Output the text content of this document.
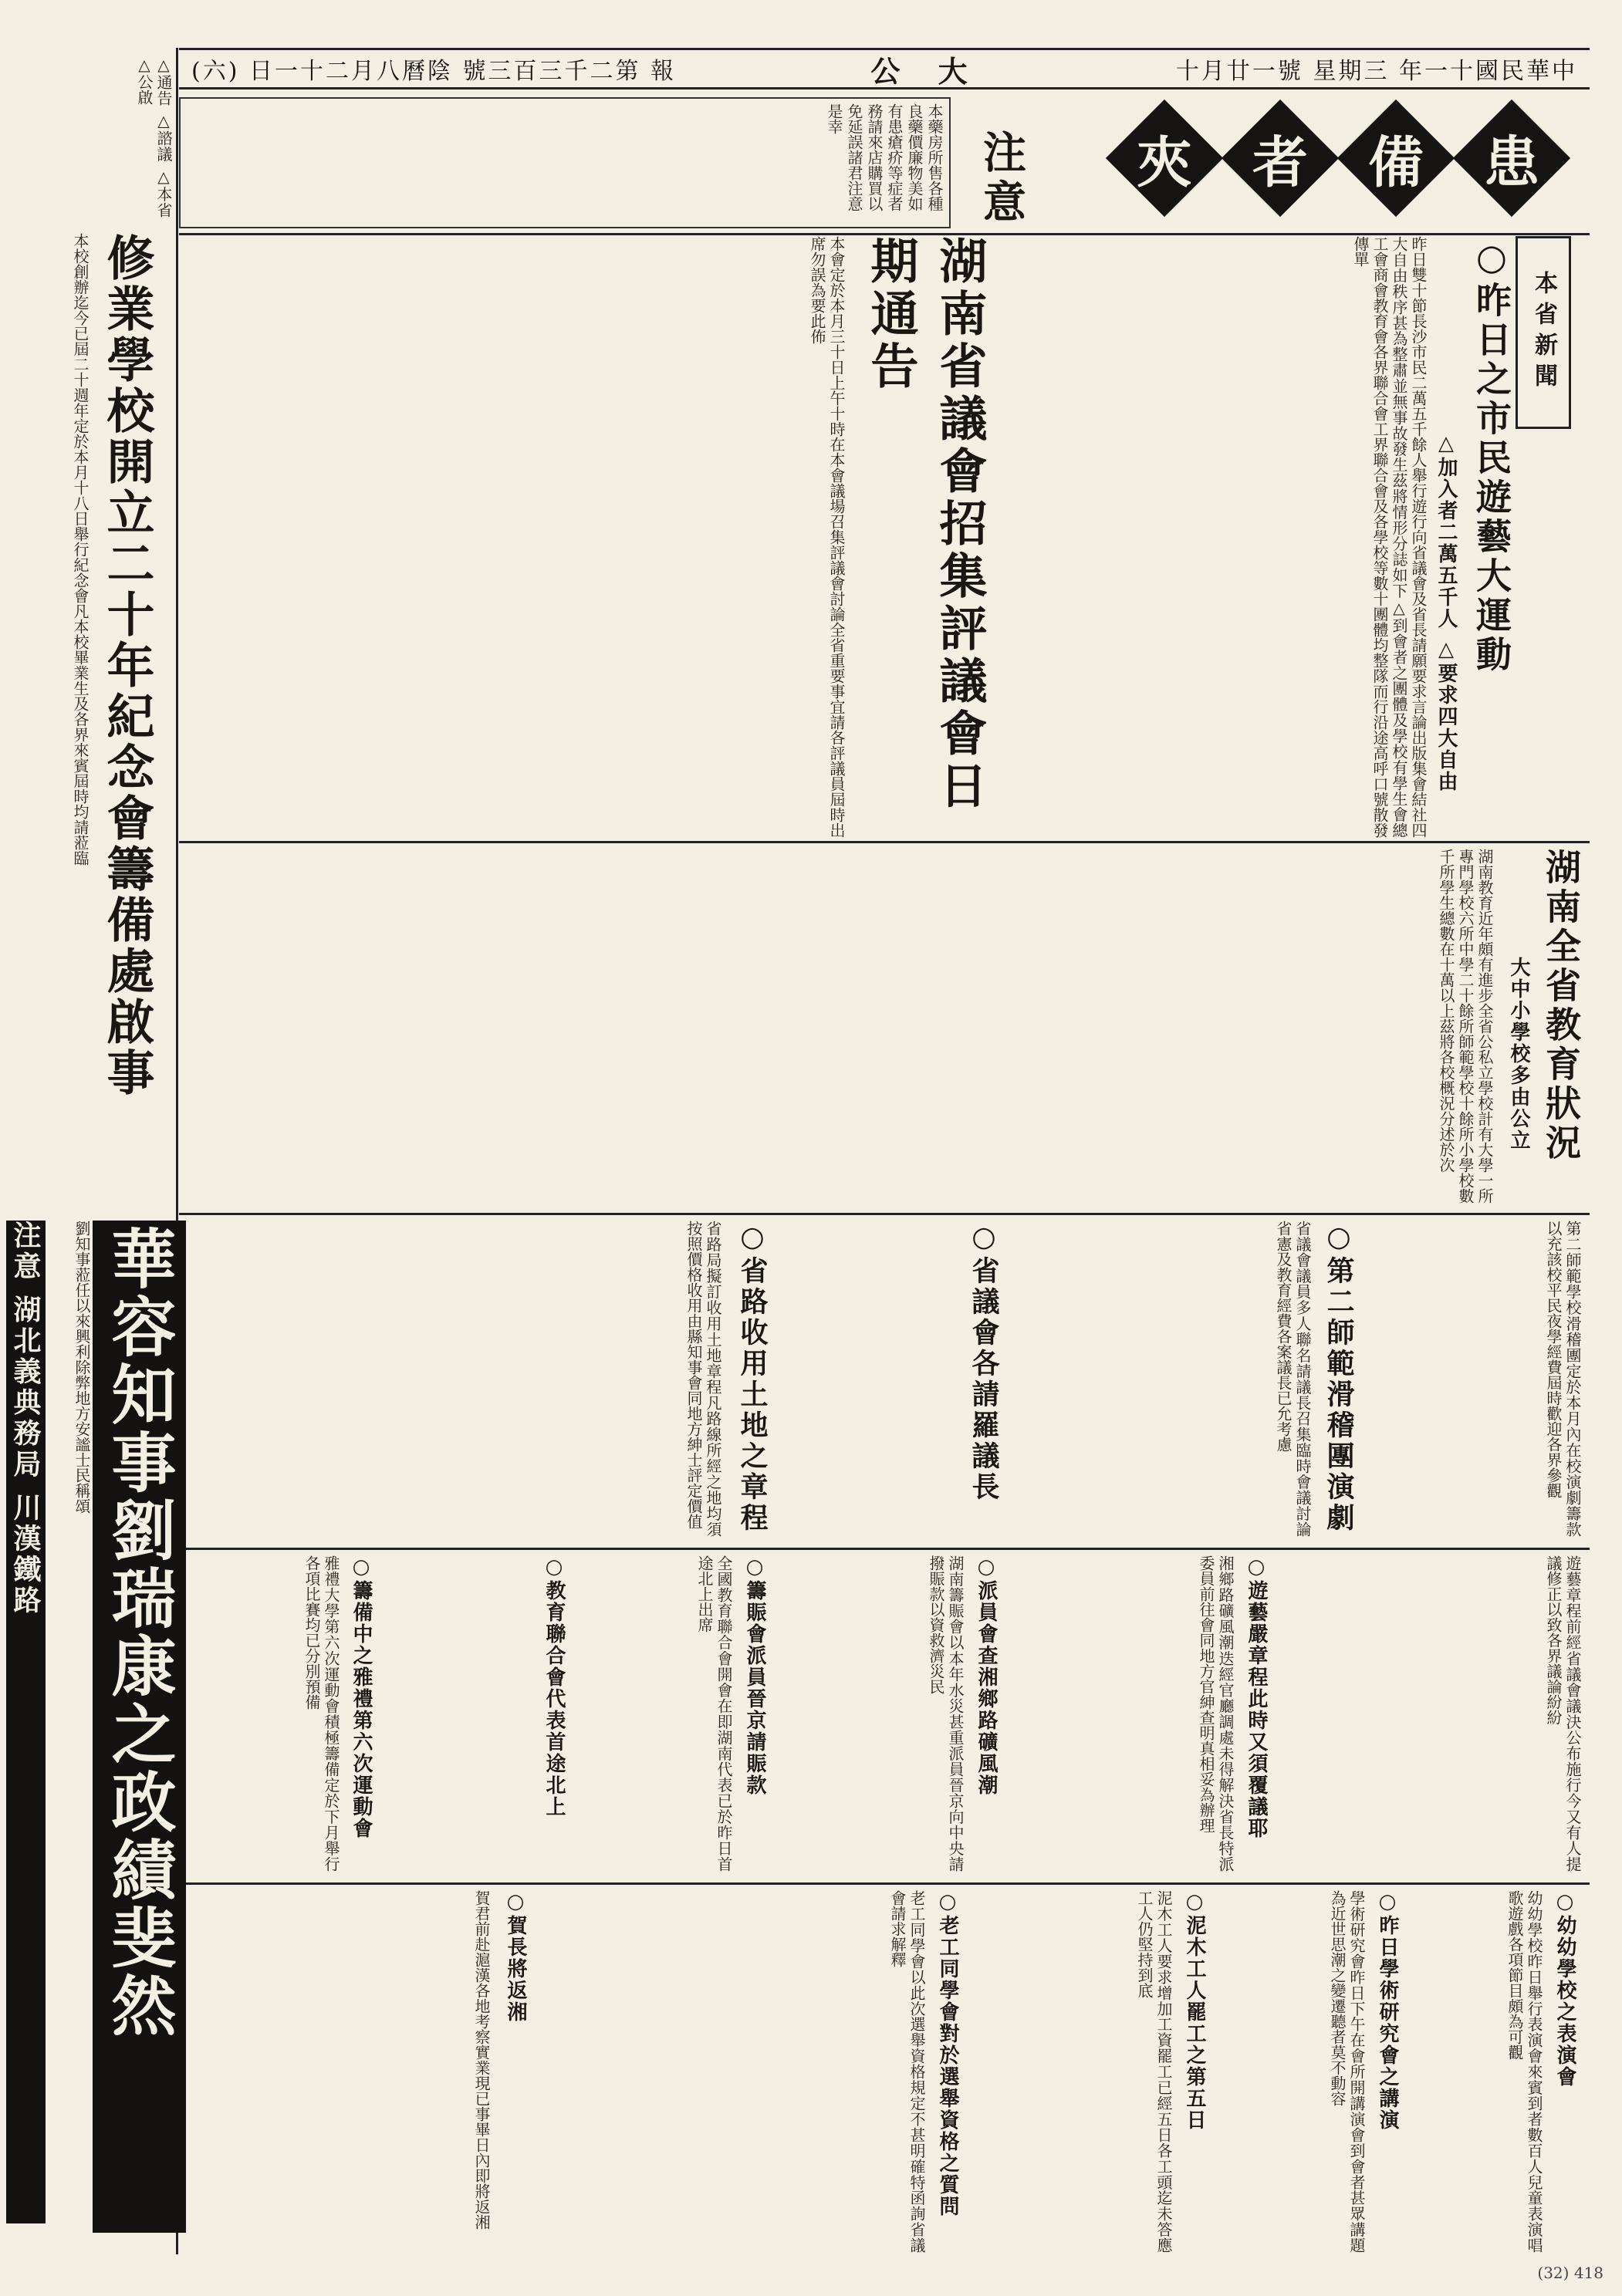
十月廿一號 星期三 年一十國民華中
公 大
(六) 日一十二月八曆陰 號三百三千二第 報
患
備
者
夾
注意
本藥房所售各種良藥價廉物美如有患瘡疥等症者務請來店購買以免延誤諸君注意是幸
本省新聞
○ 昨日之市民遊藝大運動
△加入者二萬五千人 △要求四大自由
昨日雙十節長沙市民二萬五千餘人舉行遊行向省議會及省長請願要求言論出版集會結社四大自由秩序甚為整肅並無事故發生茲將情形分誌如下△到會者之團體及學校有學生會總工會商會教育會各界聯合會工界聯合會及各學校等數十團體均整隊而行沿途高呼口號散發傳單
湖南省議會招集評議會日期通告
本會定於本月三十日上午十時在本會議場召集評議會討論全省重要事宜請各評議員屆時出席勿誤為要此佈
湖南全省教育狀況
大中小學校多由公立
湖南教育近年頗有進步全省公私立學校計有大學一所專門學校六所中學二十餘所師範學校十餘所小學校數千所學生總數在十萬以上茲將各校概況分述於次
○ 第二師範滑稽團演劇	第二師範學校滑稽團定於本月內在校演劇籌款以充該校平民夜學經費屆時歡迎各界參觀
○ 省議會各請羅議長	省議會議員多人聯名請議長召集臨時會議討論省憲及教育經費各案議長已允考慮
○ 省路收用土地之章程
省路局擬訂收用土地章程凡路線所經之地均須按照價格收用由縣知事會同地方紳士評定價值
○ 遊藝嚴章程此時又須覆議耶	遊藝章程前經省議會議決公布施行今又有人提議修正以致各界議論紛紛
○ 派員會查湘鄉路礦風潮	湘鄉路礦風潮迭經官廳調處未得解決省長特派委員前往會同地方官紳查明真相妥為辦理
○ 籌賑會派員晉京請賑款	湖南籌賑會以本年水災甚重派員晉京向中央請撥賑款以資救濟災民
○ 教育聯合會代表首途北上	全國教育聯合會開會在即湖南代表已於昨日首途北上出席
○ 籌備中之雅禮第六次運動會
雅禮大學第六次運動會積極籌備定於下月舉行各項比賽均已分別預備
○ 幼幼學校之表演會
幼幼學校昨日舉行表演會來賓到者數百人兒童表演唱歌遊戲各項節目頗為可觀
○ 昨日學術研究會之講演
學術研究會昨日下午在會所開講演會到會者甚眾講題為近世思潮之變遷聽者莫不動容
○ 泥木工人罷工之第五日
泥木工人要求增加工資罷工已經五日各工頭迄未答應工人仍堅持到底
○ 老工同學會對於選舉資格之質問
老工同學會以此次選舉資格規定不甚明確特函詢省議會請求解釋
○ 賀長將返湘
賀君前赴滬漢各地考察實業現已事畢日內即將返湘
△通告 △諮議 △本省 △公啟
修業學校開立二十年紀念會籌備處啟事
本校創辦迄今已屆二十週年定於本月十八日舉行紀念會凡本校畢業生及各界來賓屆時均請蒞臨
華容知事劉瑞康之政績斐然
劉知事蒞任以來興利除弊地方安謐士民稱頌
注意 湖北義典務局 川漢鐵路
(32) 418
